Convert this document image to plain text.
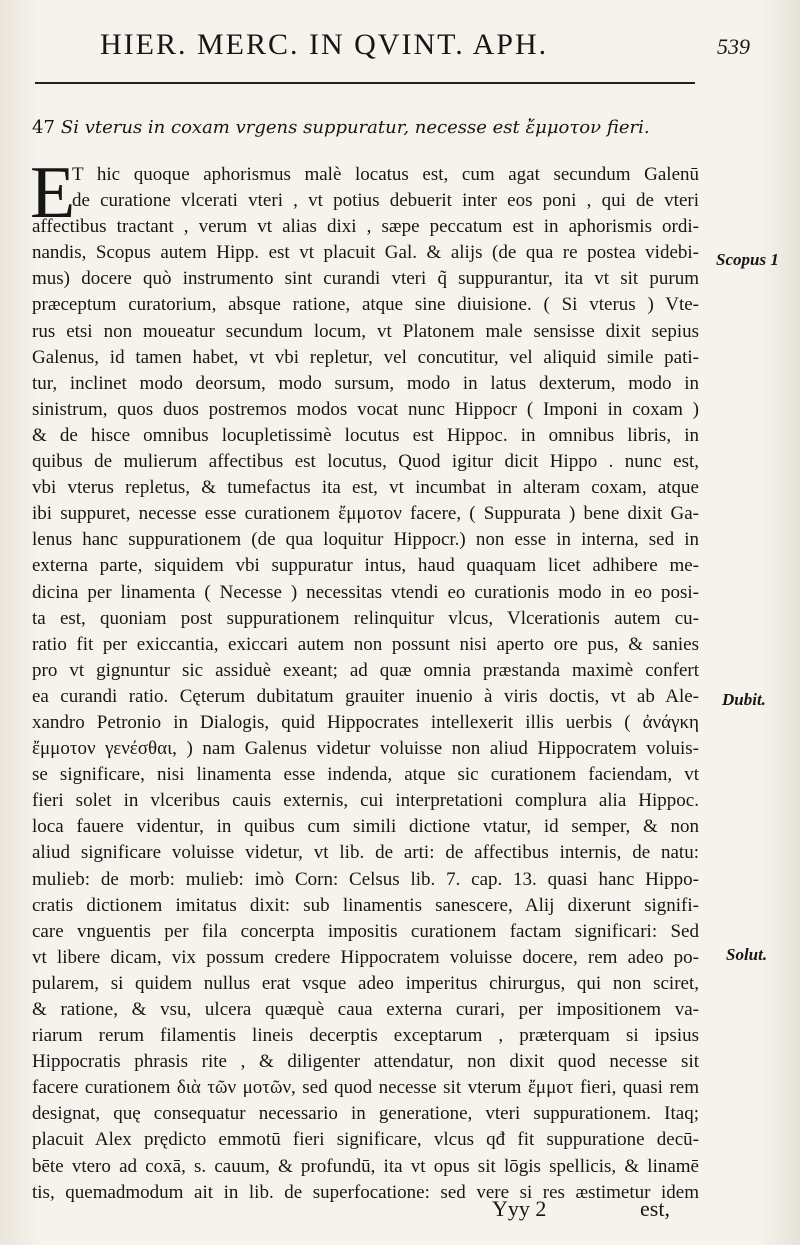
HIER. MERC. IN QVINT. APH.	539
47 Si vterus in coxam vrgens suppuratur, necesse est ἔμμοτον fieri.
E
T hic quoque aphorismus malè locatus est, cum agat secundum Galenū
de curatione vlcerati vteri , vt potius debuerit inter eos poni , qui de vteri
affectibus tractant , verum vt alias dixi , sæpe peccatum est in aphorismis ordi-
nandis, Scopus autem Hipp. est vt placuit Gal. & alijs (de qua re postea videbi-
mus) docere quò instrumento sint curandi vteri q̃ suppurantur, ita vt sit purum
præceptum curatorium, absque ratione, atque sine diuisione. ( Si vterus ) Vte-
rus etsi non moueatur secundum locum, vt Platonem male sensisse dixit sepius
Galenus, id tamen habet, vt vbi repletur, vel concutitur, vel aliquid simile pati-
tur, inclinet modo deorsum, modo sursum, modo in latus dexterum, modo in
sinistrum, quos duos postremos modos vocat nunc Hippocr ( Imponi in coxam )
& de hisce omnibus locupletissimè locutus est Hippoc. in omnibus libris, in
quibus de mulierum affectibus est locutus, Quod igitur dicit Hippo . nunc est,
vbi vterus repletus, & tumefactus ita est, vt incumbat in alteram coxam, atque
ibi suppuret, necesse esse curationem ἔμμοτον facere, ( Suppurata ) bene dixit Ga-
lenus hanc suppurationem (de qua loquitur Hippocr.) non esse in interna, sed in
externa parte, siquidem vbi suppuratur intus, haud quaquam licet adhibere me-
dicina per linamenta ( Necesse ) necessitas vtendi eo curationis modo in eo posi-
ta est, quoniam post suppurationem relinquitur vlcus, Vlcerationis autem cu-
ratio fit per exiccantia, exiccari autem non possunt nisi aperto ore pus, & sanies
pro vt gignuntur sic assiduè exeant; ad quæ omnia præstanda maximè confert
ea curandi ratio. Cęterum dubitatum grauiter inuenio à viris doctis, vt ab Ale-
xandro Petronio in Dialogis, quid Hippocrates intellexerit illis uerbis ( ἀνάγκη
ἔμμοτον γενέσθαι, ) nam Galenus videtur voluisse non aliud Hippocratem voluis-
se significare, nisi linamenta esse indenda, atque sic curationem faciendam, vt
fieri solet in vlceribus cauis externis, cui interpretationi complura alia Hippoc.
loca fauere videntur, in quibus cum simili dictione vtatur, id semper, & non
aliud significare voluisse videtur, vt lib. de arti: de affectibus internis, de natu:
mulieb: de morb: mulieb: imò Corn: Celsus lib. 7. cap. 13. quasi hanc Hippo-
cratis dictionem imitatus dixit: sub linamentis sanescere, Alij dixerunt signifi-
care vnguentis per fila concerpta impositis curationem factam significari: Sed
vt libere dicam, vix possum credere Hippocratem voluisse docere, rem adeo po-
pularem, si quidem nullus erat vsque adeo imperitus chirurgus, qui non sciret,
& ratione, & vsu, ulcera quæquè caua externa curari, per impositionem va-
riarum rerum filamentis lineis decerptis exceptarum , præterquam si ipsius
Hippocratis phrasis rite , & diligenter attendatur, non dixit quod necesse sit
facere curationem διὰ τῶν μοτῶν, sed quod necesse sit vterum ἔμμοτ fieri, quasi rem
designat, quę consequatur necessario in generatione, vteri suppurationem. Itaq;
placuit Alex prędicto emmotū fieri significare, vlcus qđ fit suppuratione decū-
bēte vtero ad coxā, s. cauum, & profundū, ita vt opus sit lōgis spellicis, & linamē
tis, quemadmodum ait in lib. de superfocatione: sed vere si res æstimetur idem
Scopus 1
Dubit.
Solut.
Yyy 2	est,
